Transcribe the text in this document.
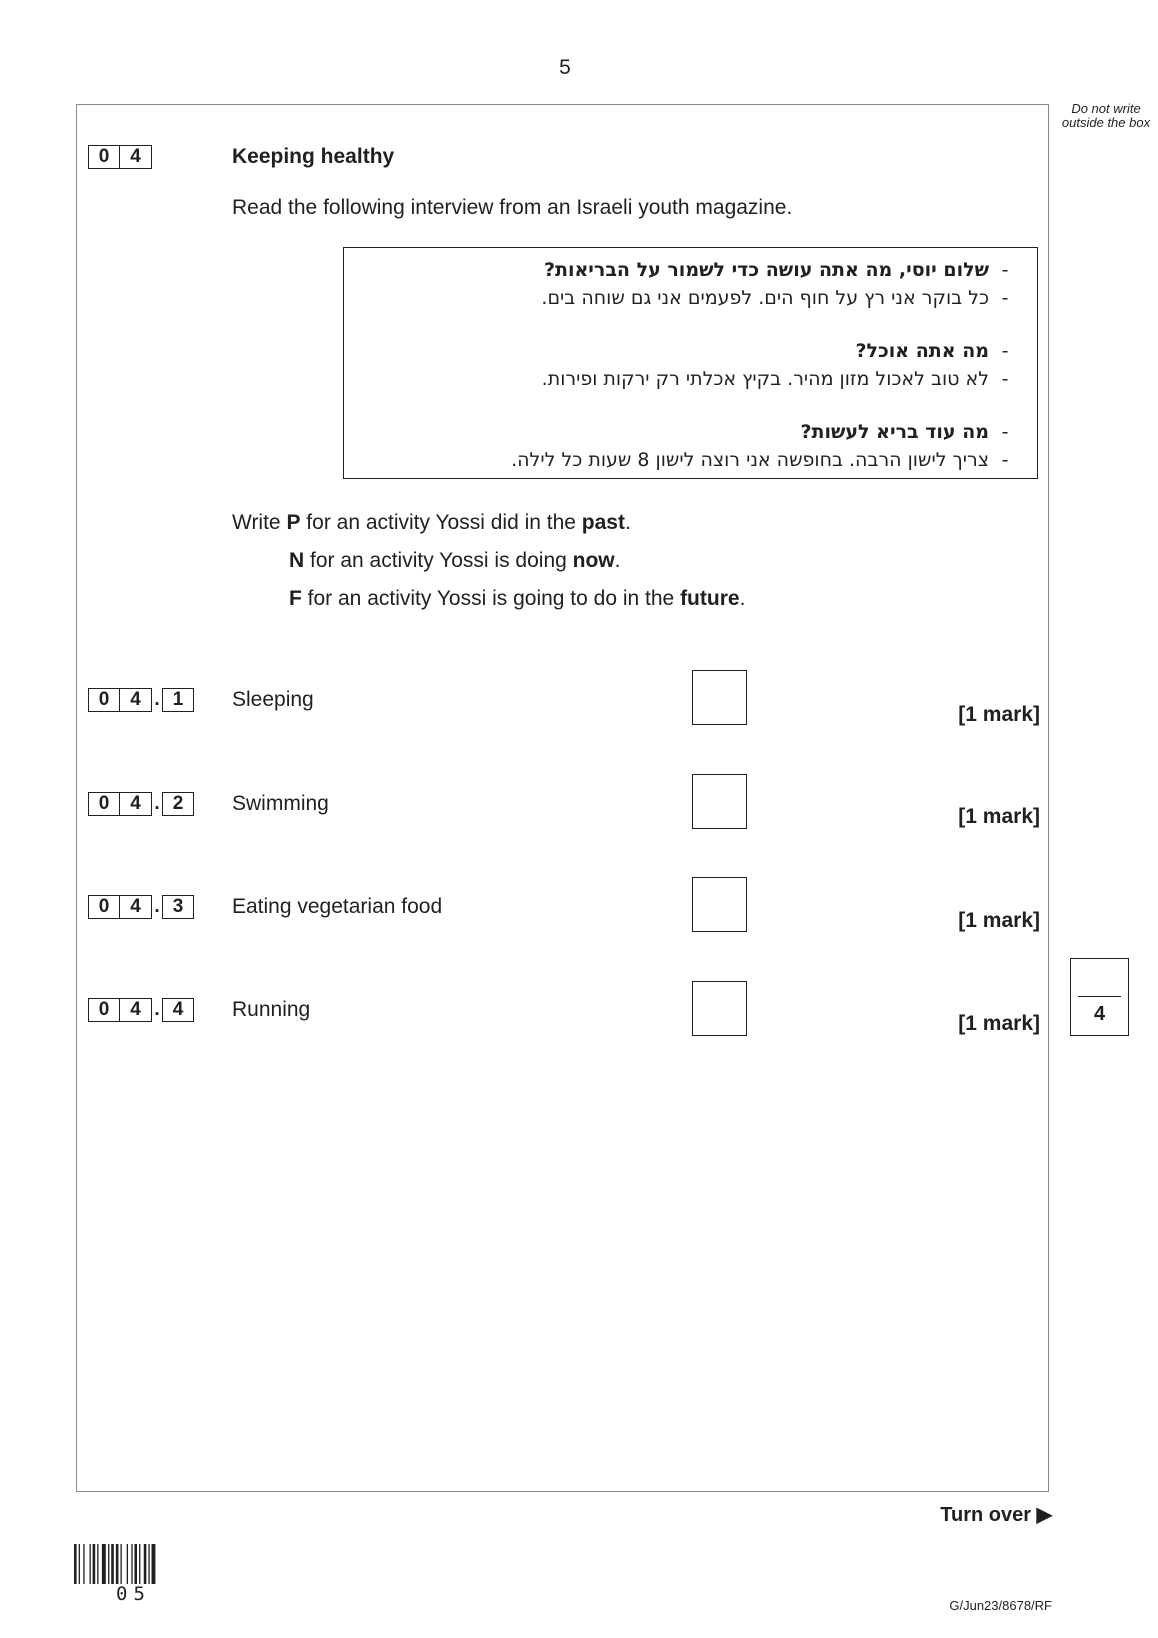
5
Do not write outside the box
0	4	Keeping healthy
Read the following interview from an Israeli youth magazine.
-
שלום יוסי, מה אתה עושה כדי לשמור על הבריאות?
-
כל בוקר אני רץ על חוף הים. לפעמים אני גם שוחה בים.
-
מה אתה אוכל?
-
לא טוב לאכול מזון מהיר. בקיץ אכלתי רק ירקות ופירות.
-
מה עוד בריא לעשות?
-
צריך לישון הרבה. בחופשה אני רוצה לישון 8 שעות כל לילה.
Write P for an activity Yossi did in the past.
N for an activity Yossi is doing now.
F for an activity Yossi is going to do in the future.
0	4 . 1	Sleeping
[1 mark]
0	4 . 2	Swimming
[1 mark]
0	4 . 3	Eating vegetarian food
[1 mark]
0	4 . 4	Running
[1 mark]	4
Turn over ▶
05
G/Jun23/8678/RF
